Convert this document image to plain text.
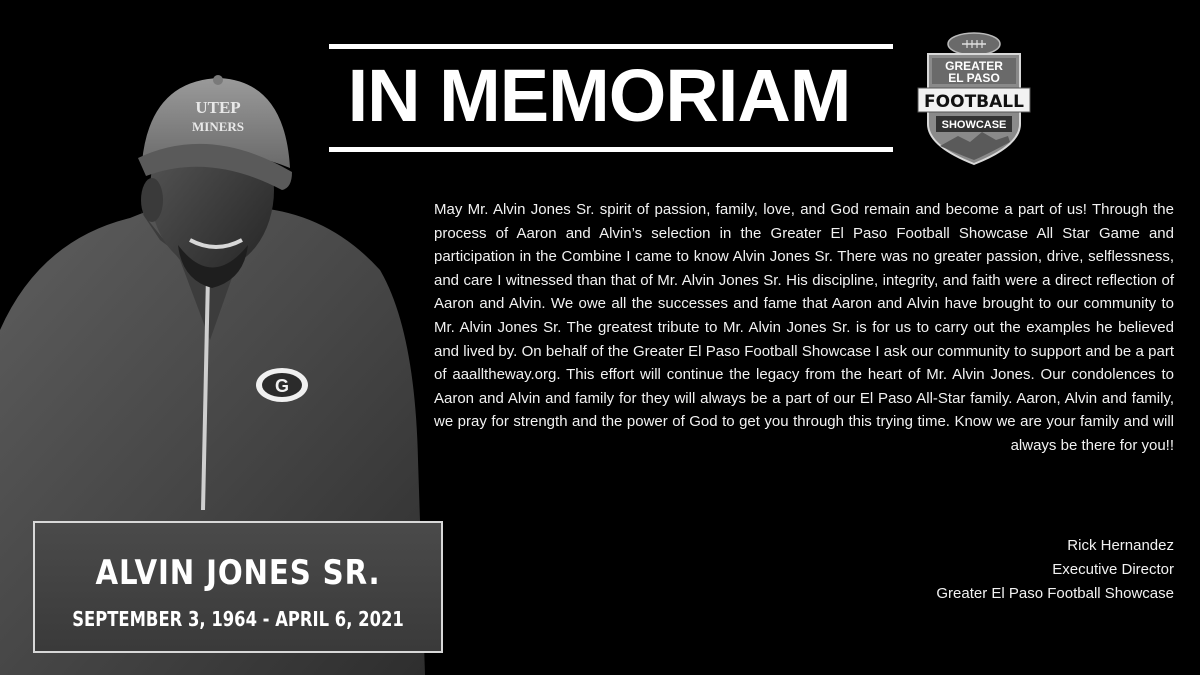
UTEP
MINERS
G
ALVIN JONES SR.
SEPTEMBER 3, 1964 - APRIL 6, 2021
IN MEMORIAM	GREATER
EL PASO
FOOTBALL
SHOWCASE
May Mr. Alvin Jones Sr. spirit of passion, family, love, and God remain and become a part of us! Through the process of Aaron and Alvin’s selection in the Greater El Paso Football Showcase All Star Game and participation in the Combine I came to know Alvin Jones Sr. There was no greater passion, drive, selflessness, and care I witnessed than that of Mr. Alvin Jones Sr. His discipline, integrity, and faith were a direct reflection of Aaron and Alvin. We owe all the successes and fame that Aaron and Alvin have brought to our community to Mr. Alvin Jones Sr. The greatest tribute to Mr. Alvin Jones Sr. is for us to carry out the examples he believed and lived by. On behalf of the Greater El Paso Football Showcase I ask our community to support and be a part of aaalltheway.org. This effort will continue the legacy from the heart of Mr. Alvin Jones. Our condolences to Aaron and Alvin and family for they will always be a part of our El Paso All-Star family. Aaron, Alvin and family, we pray for strength and the power of God to get you through this trying time. Know we are your family and will always be there for you!!
Rick Hernandez
Executive Director
Greater El Paso Football Showcase
